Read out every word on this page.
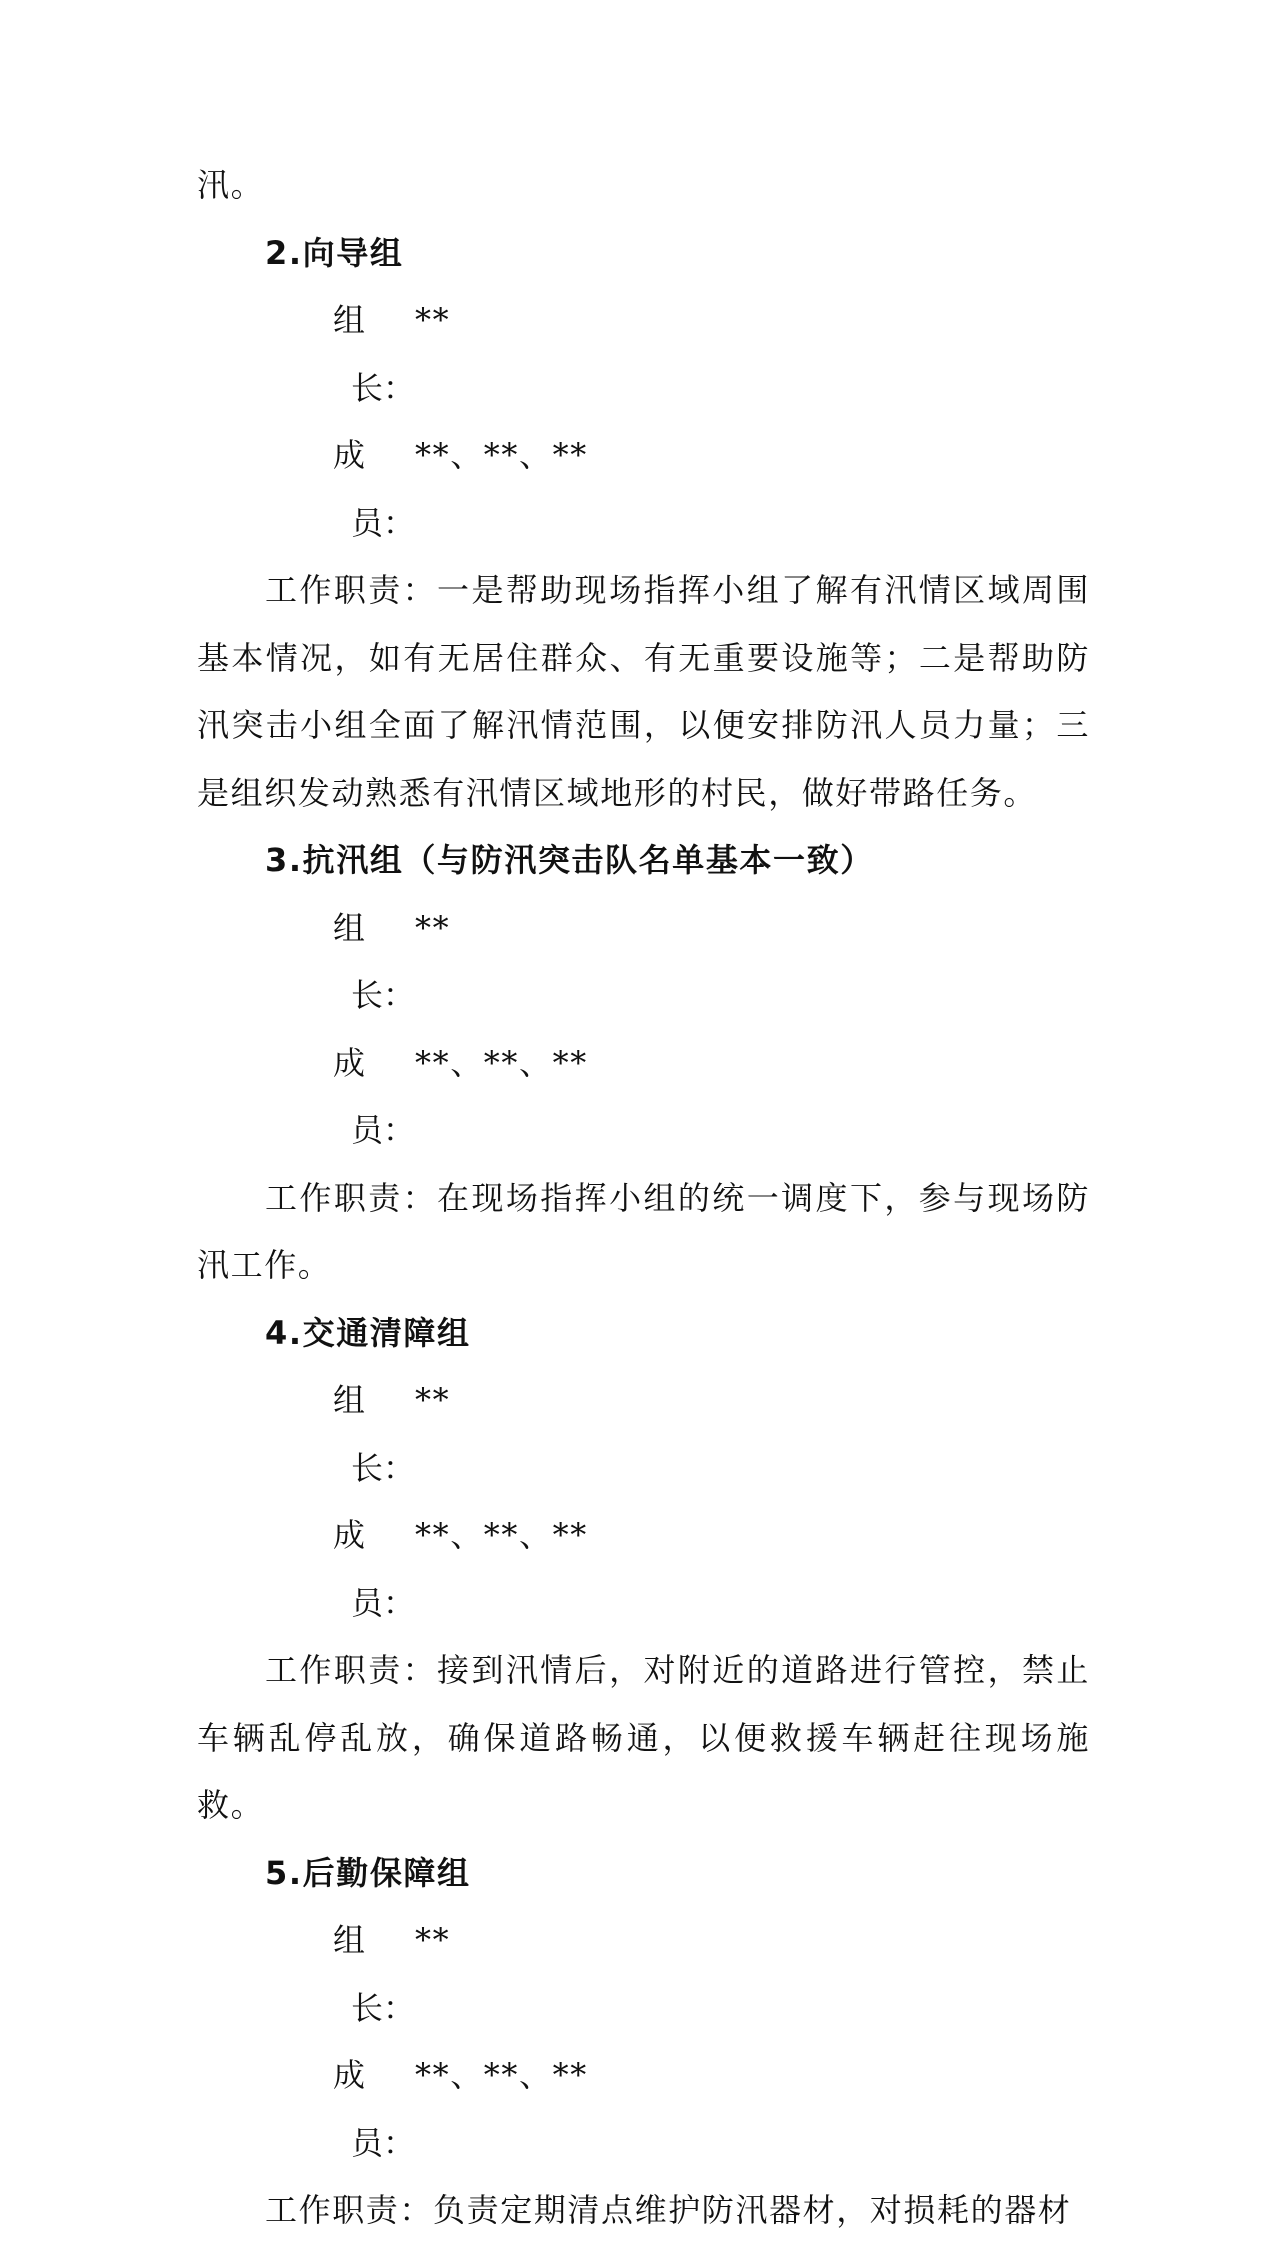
汛。

2.向导组

组
长：
**

成
员：
**、**、**

工作职责：一是帮助现场指挥小组了解有汛情区域周围基本情况，如有无居住群众、有无重要设施等；二是帮助防汛突击小组全面了解汛情范围，以便安排防汛人员力量；三是组织发动熟悉有汛情区域地形的村民，做好带路任务。

3.抗汛组（与防汛突击队名单基本一致）

组
长：
**

成
员：
**、**、**

工作职责：在现场指挥小组的统一调度下，参与现场防汛工作。

4.交通清障组

组
长：
**

成
员：
**、**、**

工作职责：接到汛情后，对附近的道路进行管控，禁止车辆乱停乱放，确保道路畅通，以便救援车辆赶往现场施救。

5.后勤保障组

组
长：
**

成
员：
**、**、**

工作职责：负责定期清点维护防汛器材，对损耗的器材
